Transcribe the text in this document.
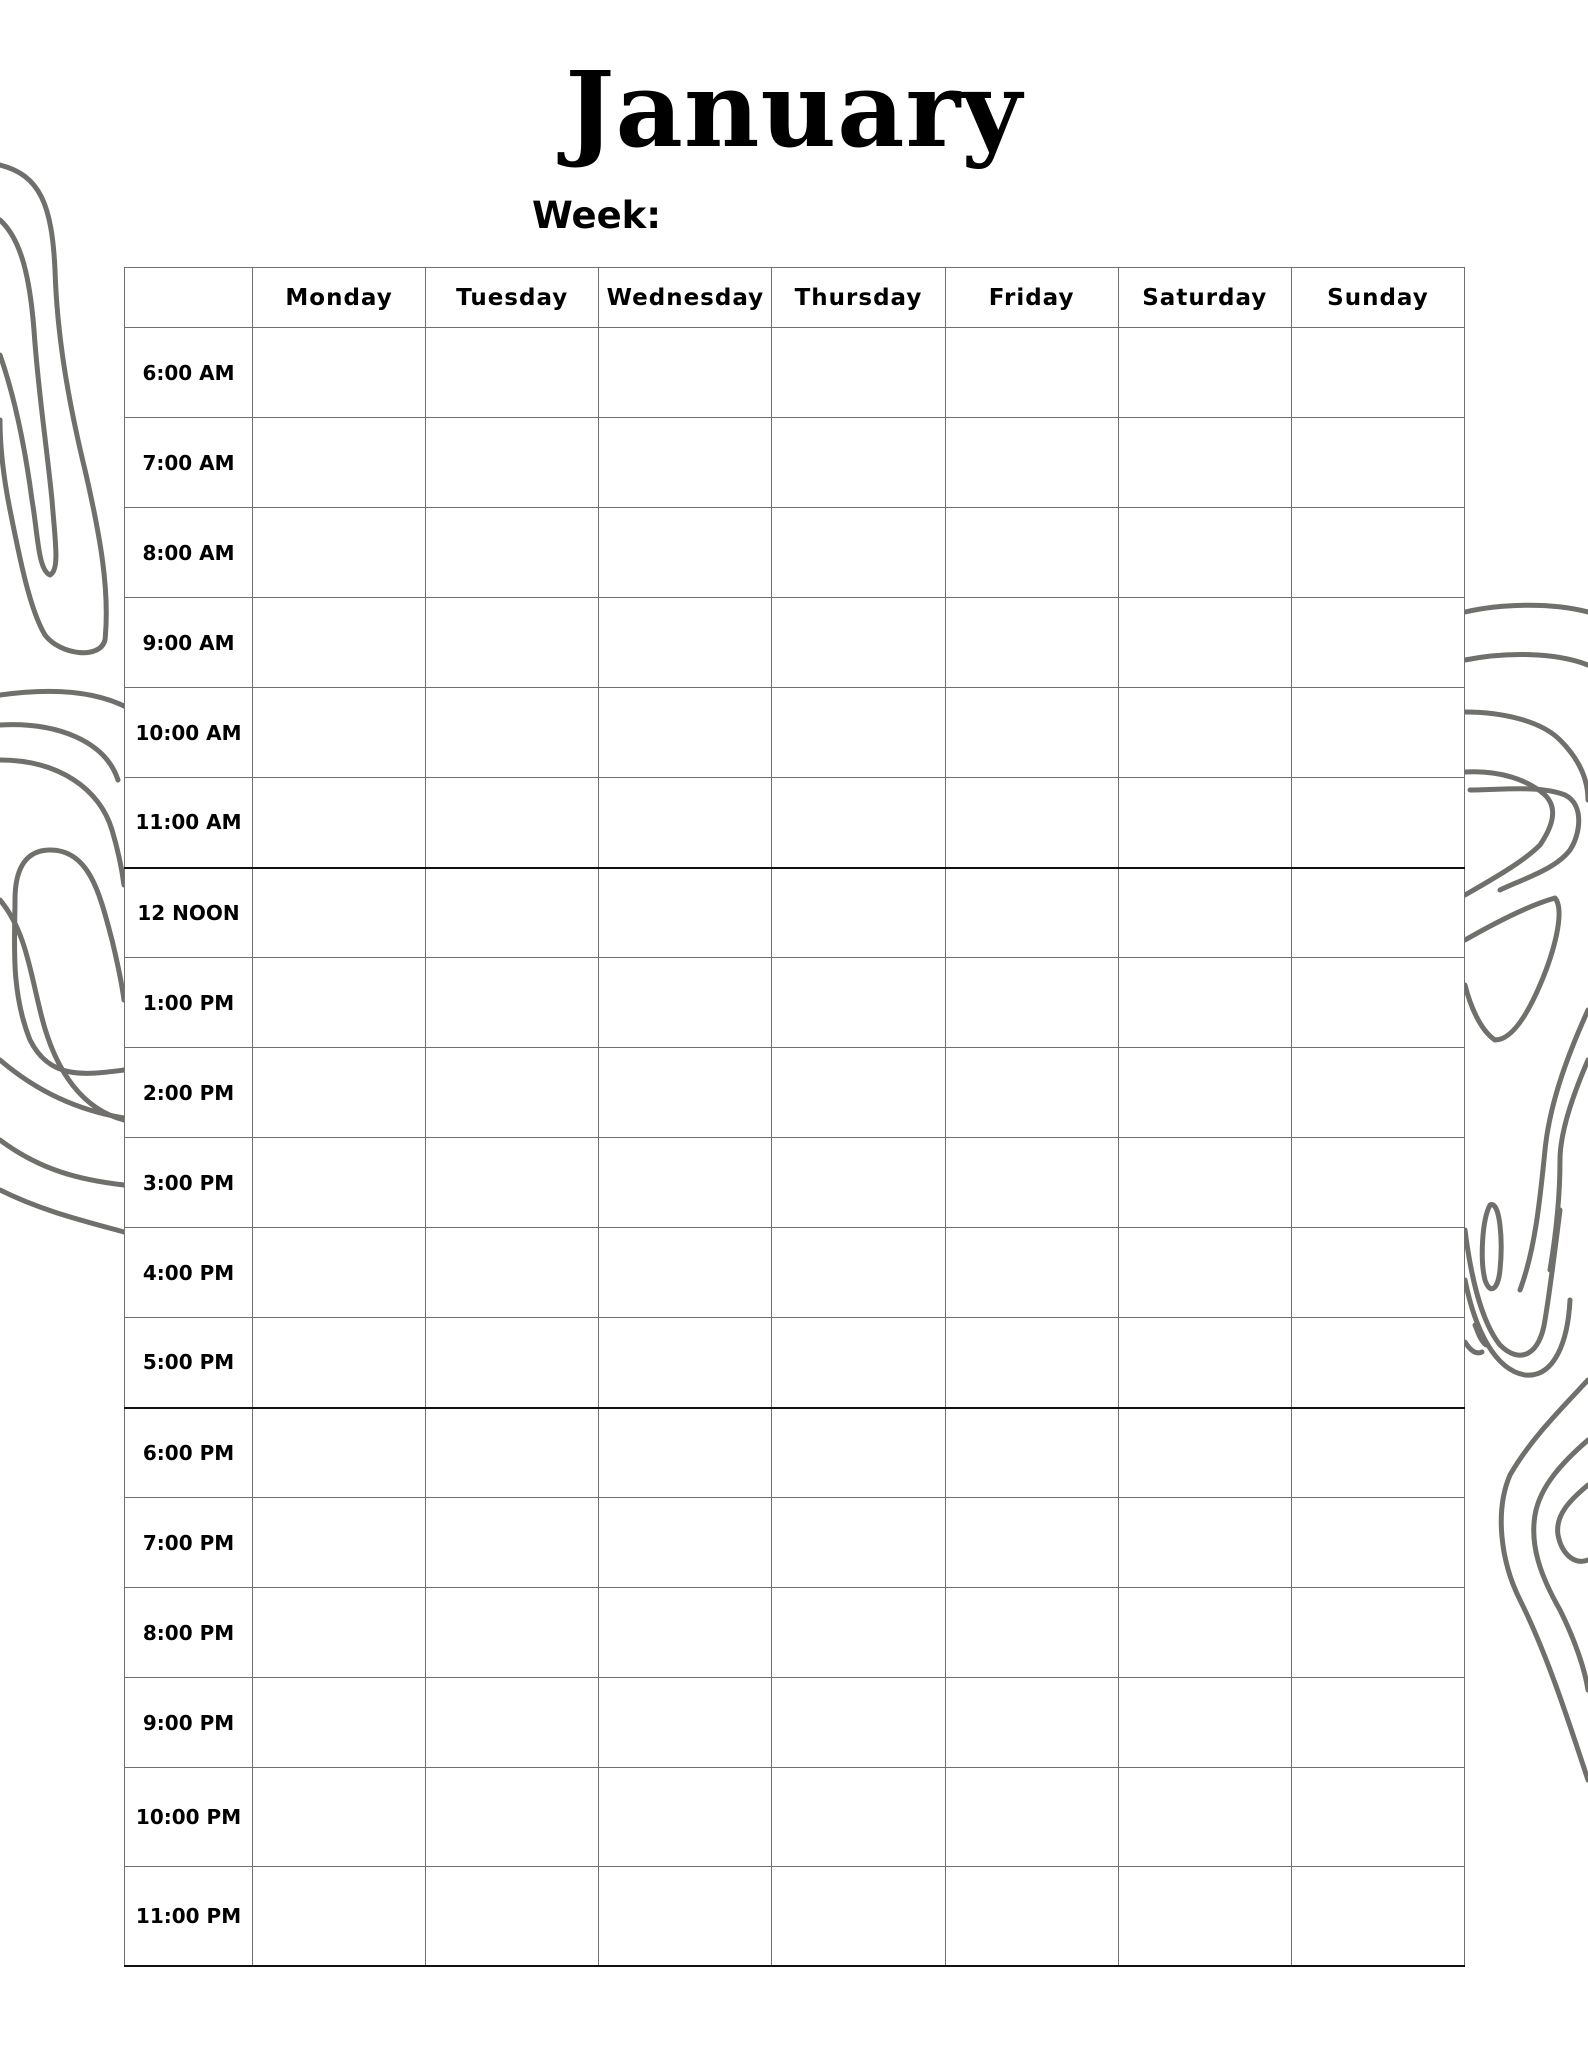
January
Week:
	Monday	Tuesday	Wednesday	Thursday	Friday	Saturday	Sunday
6:00 AM							
7:00 AM							
8:00 AM							
9:00 AM							
10:00 AM							
11:00 AM							
12 NOON							
1:00 PM							
2:00 PM							
3:00 PM							
4:00 PM							
5:00 PM							
6:00 PM							
7:00 PM							
8:00 PM							
9:00 PM							
10:00 PM							
11:00 PM							
